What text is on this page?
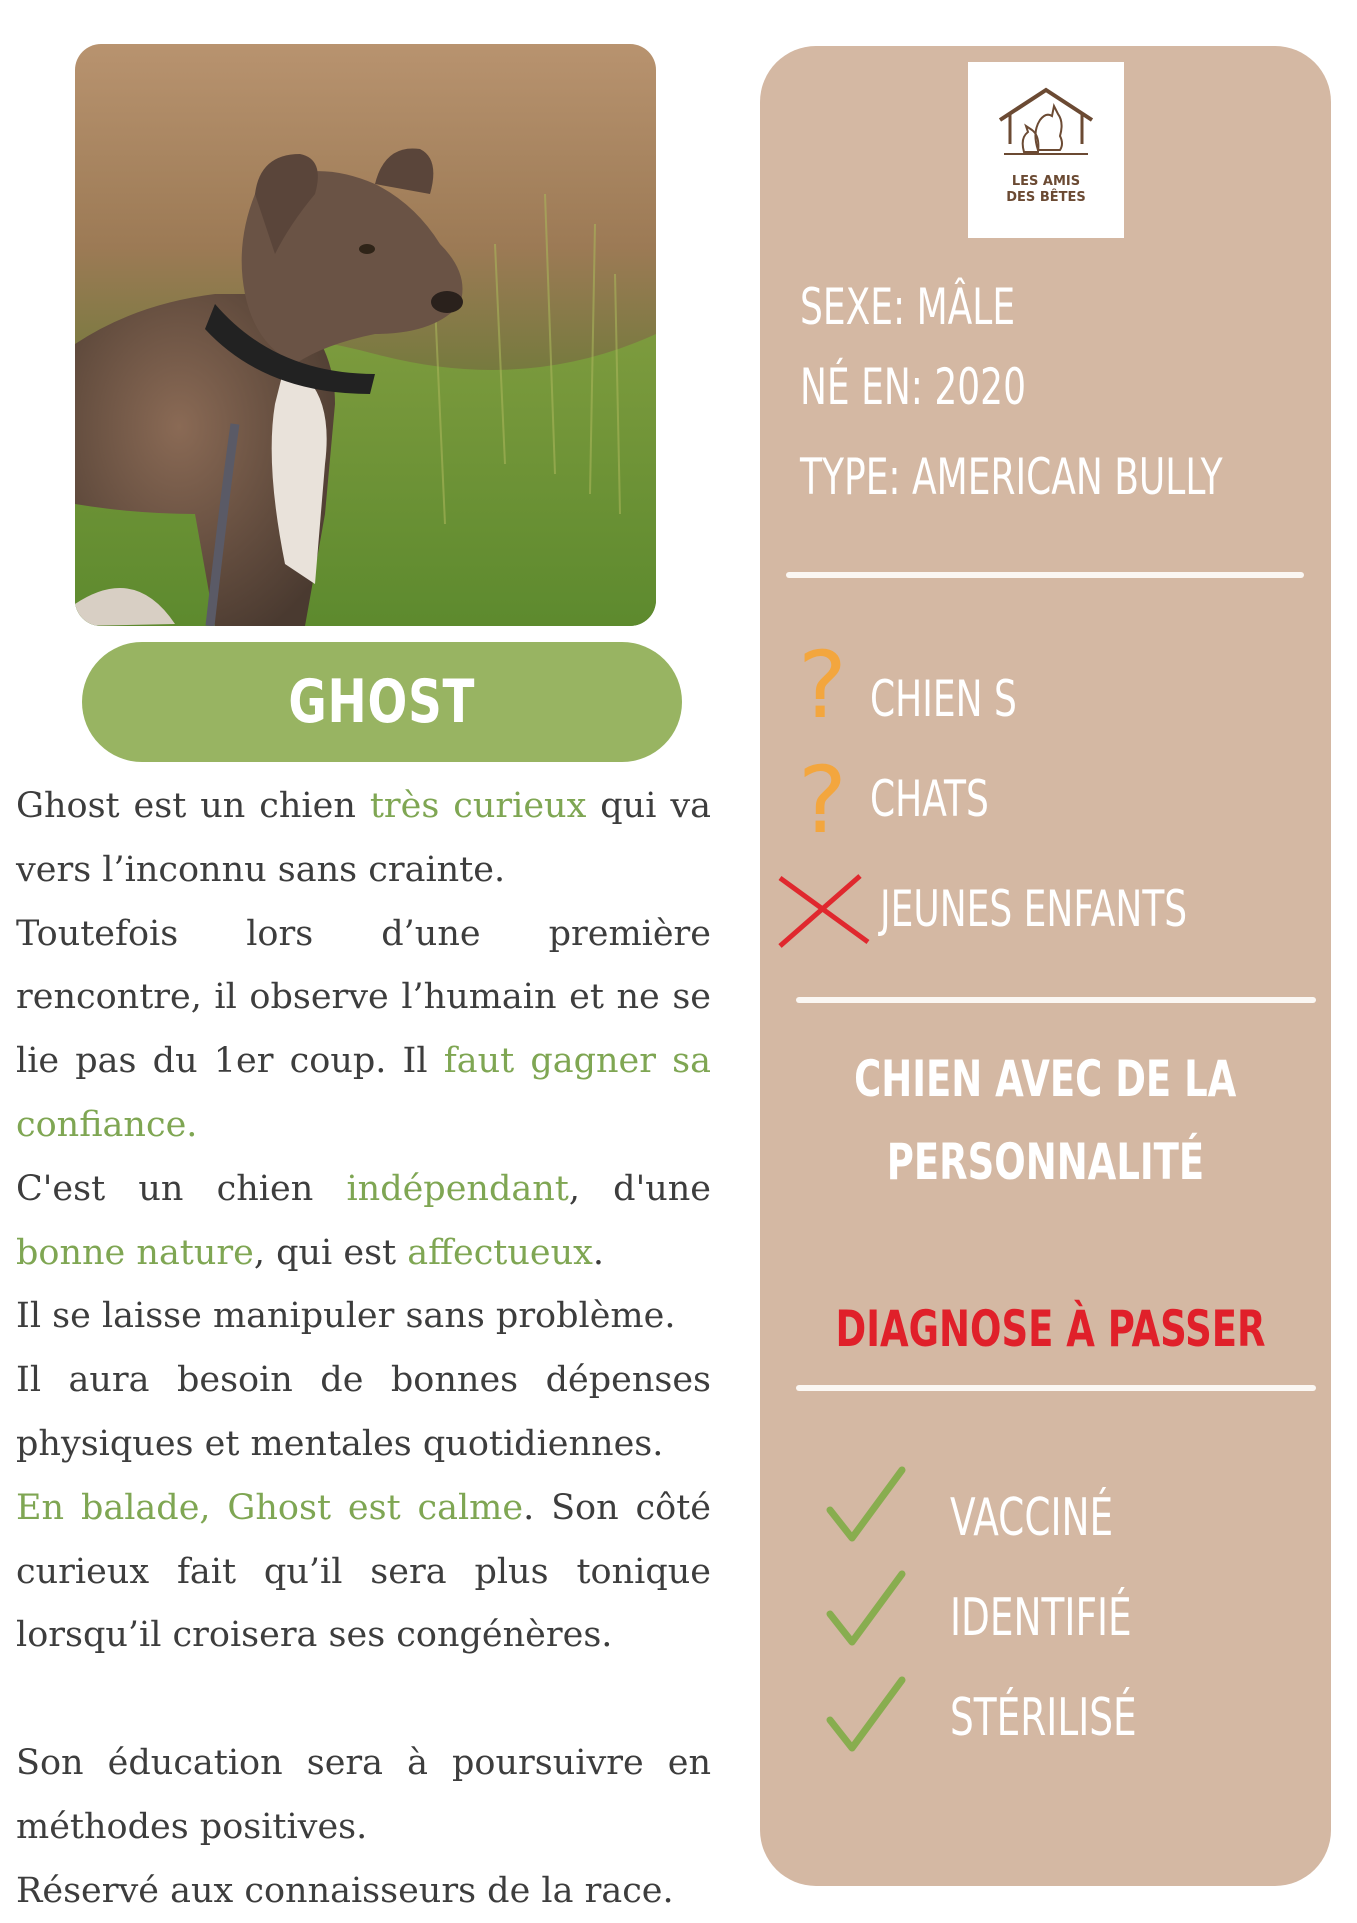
GHOST

Ghost est un chien très curieux qui va vers l’inconnu sans crainte.

Toutefois lors d’une première rencontre, il observe l’humain et ne se lie pas du 1er coup. Il faut gagner sa confiance.

C'est un chien indépendant, d'une bonne nature, qui est affectueux.

Il se laisse manipuler sans problème.

Il aura besoin de bonnes dépenses physiques et mentales quotidiennes.

En balade, Ghost est calme. Son côté curieux fait qu’il sera plus tonique lorsqu’il croisera ses congénères.

Son éducation sera à poursuivre en méthodes positives.

Réservé aux connaisseurs de la race.

LES AMIS
DES BÊTES
SEXE: MÂLE
NÉ EN: 2020
TYPE: AMERICAN BULLY
? CHIEN S
? CHATS
JEUNES ENFANTS
CHIEN AVEC DE LA
PERSONNALITÉ
DIAGNOSE À PASSER
VACCINÉ
IDENTIFIÉ
STÉRILISÉ
